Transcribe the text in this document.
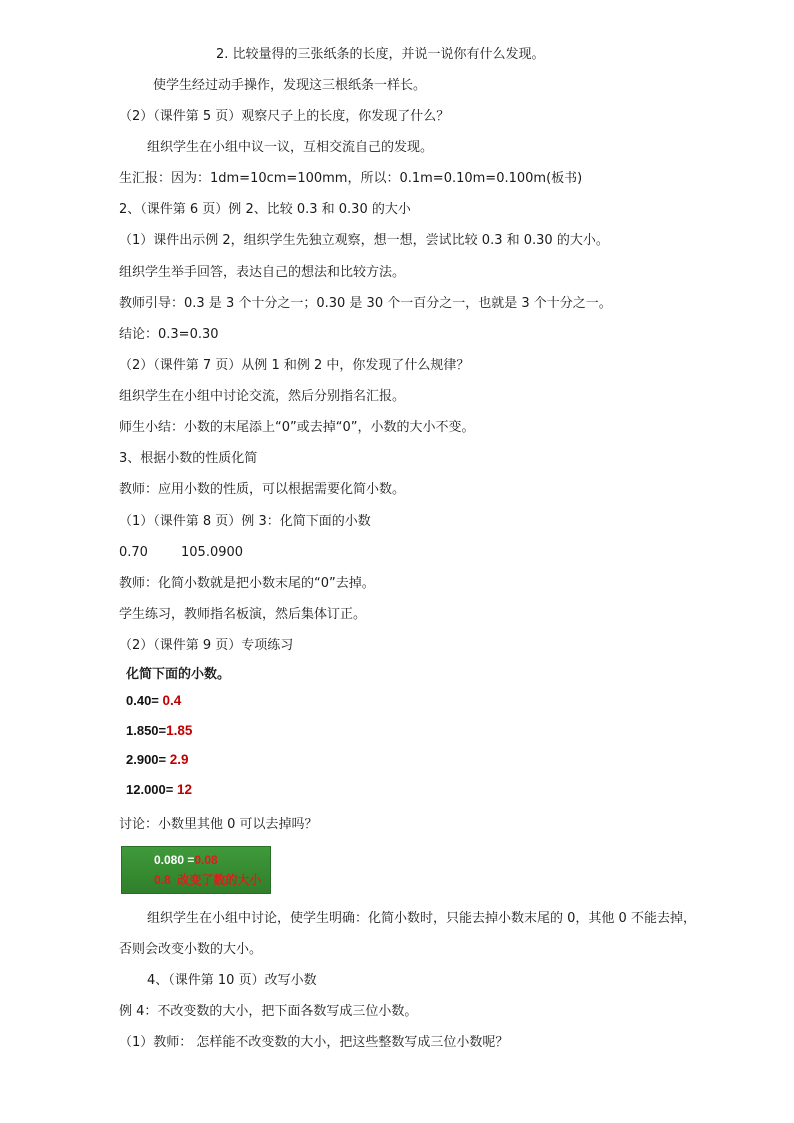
2. 比较量得的三张纸条的长度，并说一说你有什么发现。
使学生经过动手操作，发现这三根纸条一样长。
（2）（课件第 5 页）观察尺子上的长度，你发现了什么？
组织学生在小组中议一议，互相交流自己的发现。
生汇报：因为：1dm=10cm=100mm，所以：0.1m=0.10m=0.100m(板书)
2、（课件第 6 页）例 2、比较 0.3 和 0.30 的大小
（1）课件出示例 2，组织学生先独立观察，想一想，尝试比较 0.3 和 0.30 的大小。
组织学生举手回答，表达自己的想法和比较方法。
教师引导：0.3 是 3 个十分之一；0.30 是 30 个一百分之一，也就是 3 个十分之一。
结论：0.3=0.30
（2）（课件第 7 页）从例 1 和例 2 中，你发现了什么规律？
组织学生在小组中讨论交流，然后分别指名汇报。
师生小结：小数的末尾添上“0”或去掉“0”，小数的大小不变。
3、根据小数的性质化简
教师：应用小数的性质，可以根据需要化简小数。
（1）（课件第 8 页）例 3：化简下面的小数
0.70        105.0900
教师：化简小数就是把小数末尾的“0”去掉。
学生练习，教师指名板演，然后集体订正。
（2）（课件第 9 页）专项练习
化简下面的小数。
0.40= 0.4
1.850=1.85
2.900= 2.9
12.000= 12
讨论：小数里其他 0 可以去掉吗？
0.080 =0.08
0.8  改变了数的大小
组织学生在小组中讨论，使学生明确：化简小数时，只能去掉小数末尾的 0，其他 0 不能去掉，
否则会改变小数的大小。
4、（课件第 10 页）改写小数
例 4：不改变数的大小，把下面各数写成三位小数。
（1）教师： 怎样能不改变数的大小，把这些整数写成三位小数呢？
